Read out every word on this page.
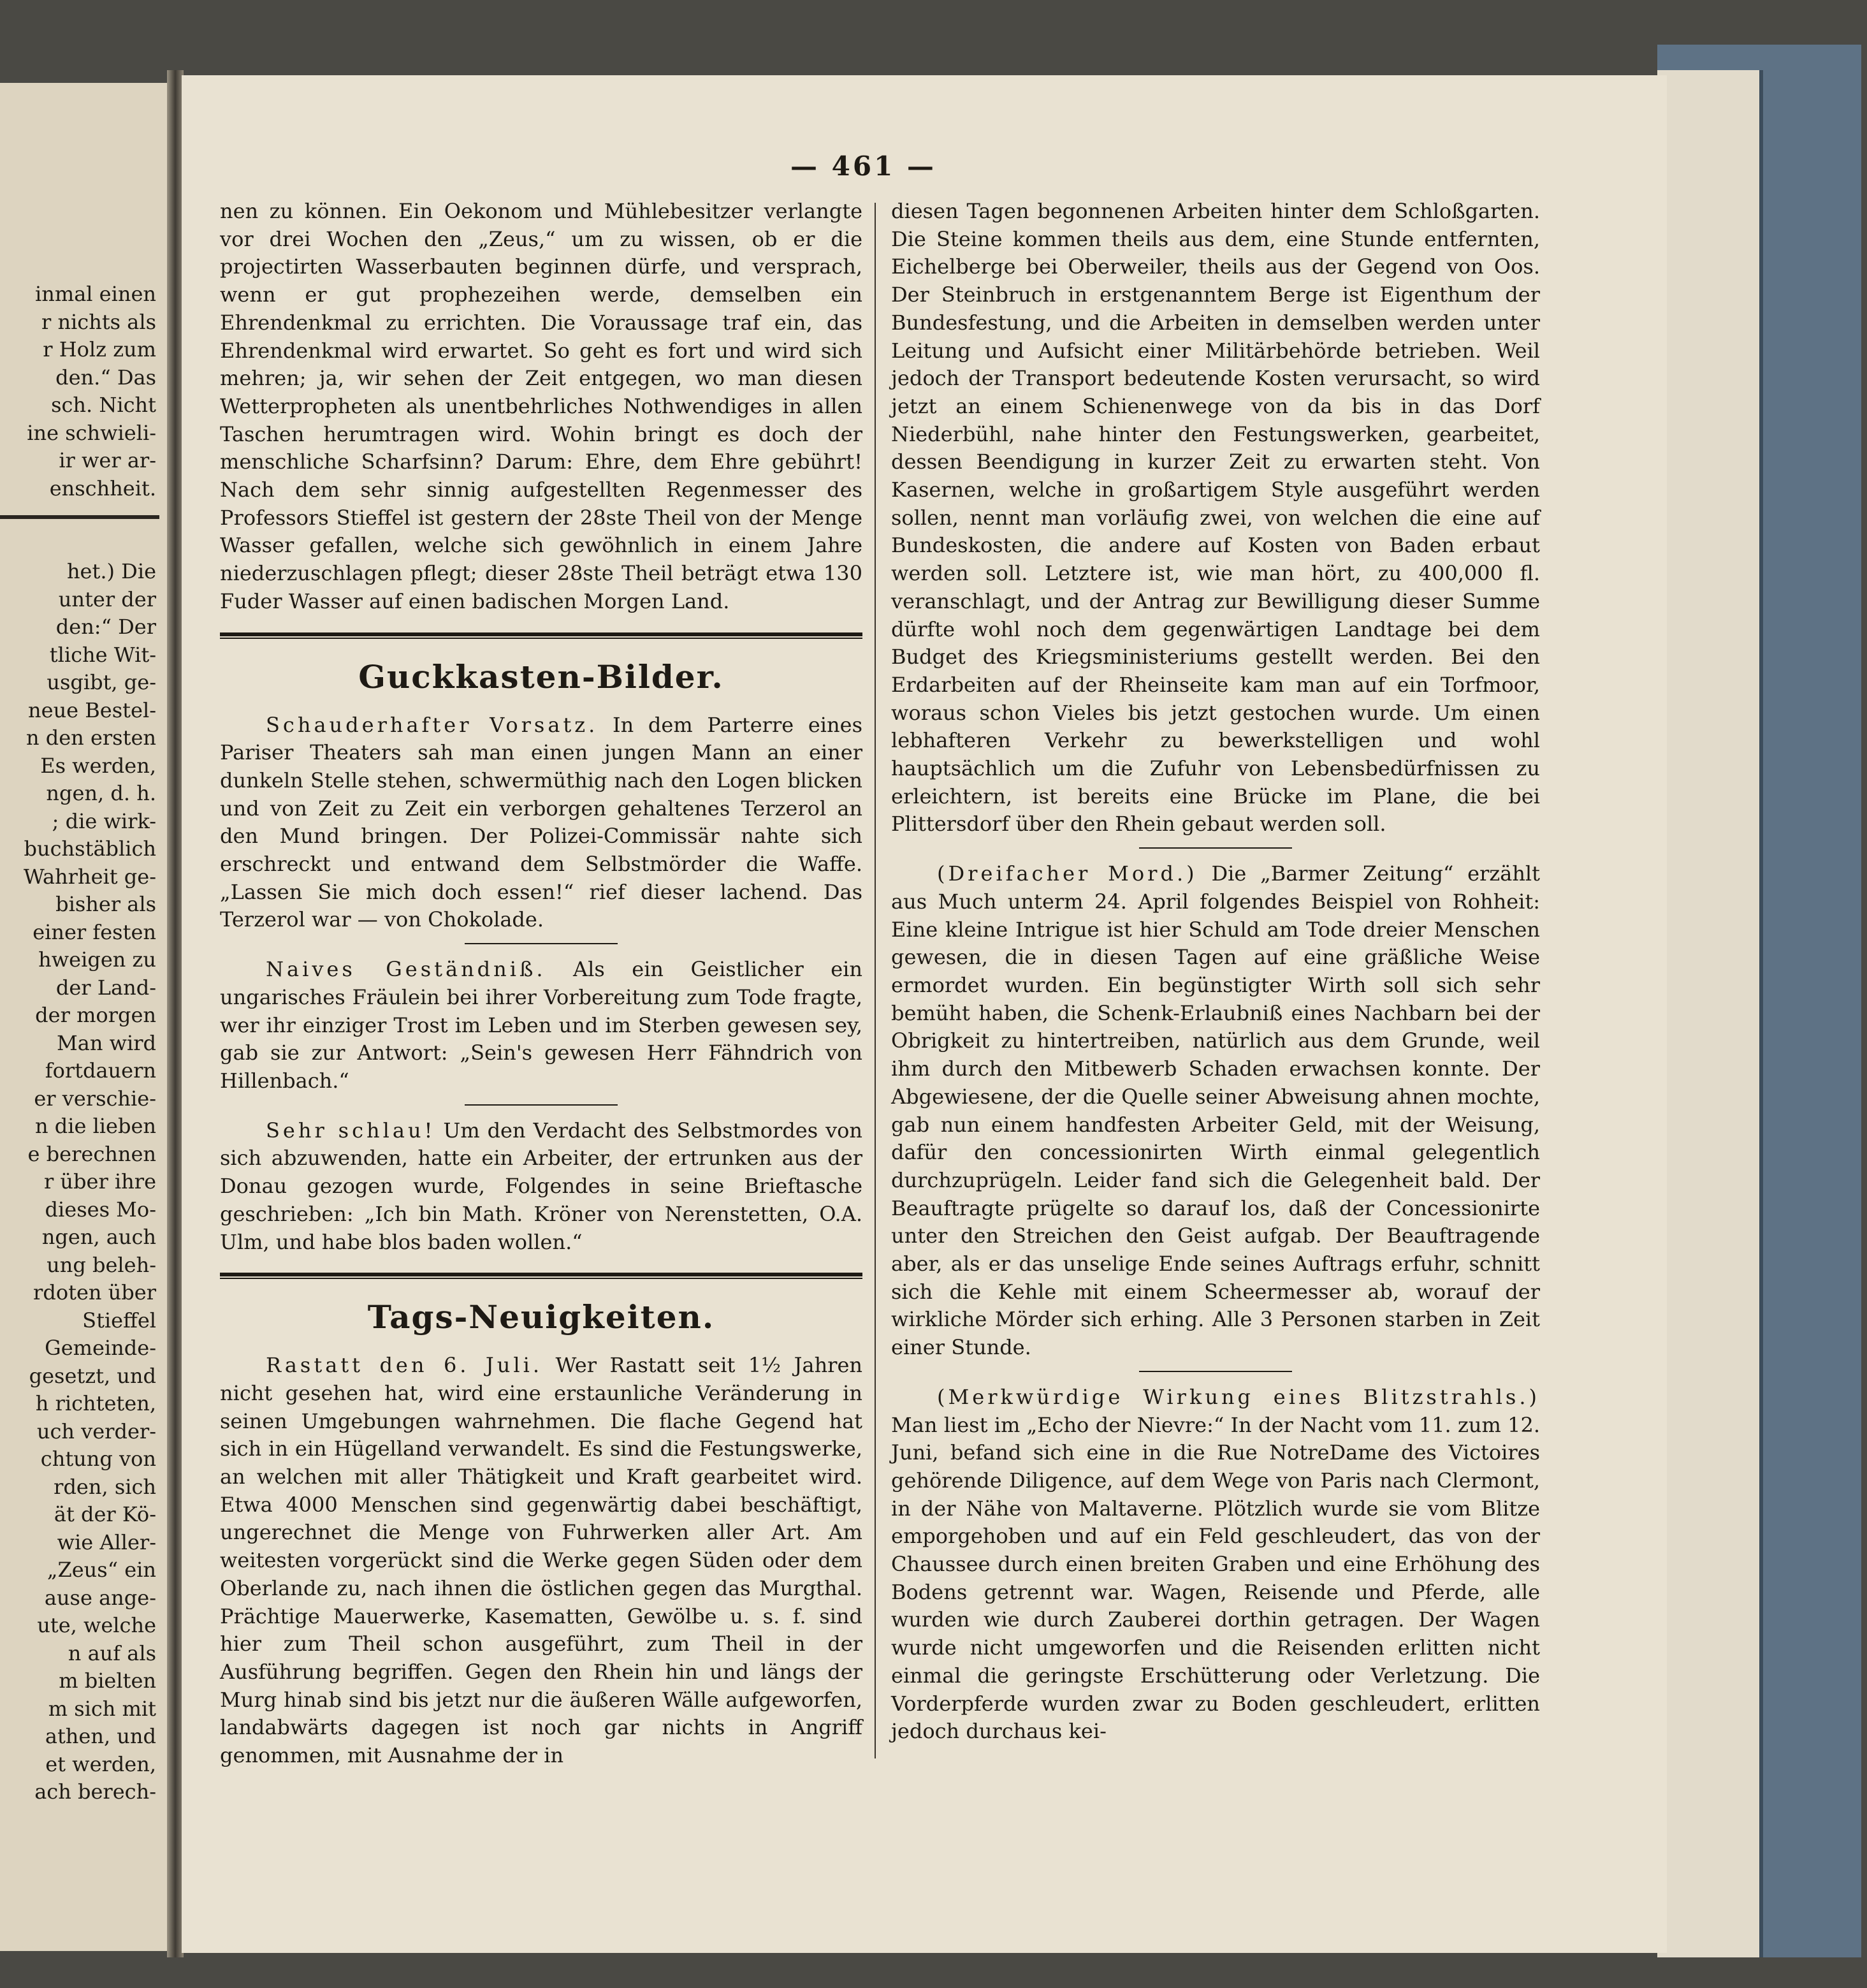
inmal einen
r nichts als
r Holz zum
den.“ Das
sch. Nicht
ine schwieli-
ir wer ar-
enschheit.

het.) Die
unter der
den:“ Der
tliche Wit-
usgibt, ge-
neue Bestel-
n den ersten
Es werden,
ngen, d. h.
; die wirk-
buchstäblich
Wahrheit ge-
bisher als
einer festen
hweigen zu
der Land-
der morgen
Man wird
fortdauern
er verschie-
n die lieben
e berechnen
r über ihre
dieses Mo-
ngen, auch
ung beleh-
rdoten über
Stieffel
Gemeinde-
gesetzt, und
h richteten,
uch verder-
chtung von
rden, sich
ät der Kö-
wie Aller-
„Zeus“ ein
ause ange-
ute, welche
n auf als
m bielten
m sich mit
athen, und
et werden,
ach berech-
— 461 —

nen zu können. Ein Oekonom und Mühlebesitzer verlangte vor drei Wochen den „Zeus,“ um zu wissen, ob er die projectirten Wasserbauten beginnen dürfe, und versprach, wenn er gut prophezeihen werde, demselben ein Ehrendenkmal zu errichten. Die Voraussage traf ein, das Ehrendenkmal wird erwartet. So geht es fort und wird sich mehren; ja, wir sehen der Zeit entgegen, wo man diesen Wetterpropheten als unentbehrliches Nothwendiges in allen Taschen herumtragen wird. Wohin bringt es doch der menschliche Scharfsinn? Darum: Ehre, dem Ehre gebührt! Nach dem sehr sinnig aufgestellten Regenmesser des Professors Stieffel ist gestern der 28ste Theil von der Menge Wasser gefallen, welche sich gewöhnlich in einem Jahre niederzuschlagen pflegt; dieser 28ste Theil beträgt etwa 130 Fuder Wasser auf einen badischen Morgen Land.

Guckkasten-Bilder.

Schauderhafter Vorsatz. In dem Parterre eines Pariser Theaters sah man einen jungen Mann an einer dunkeln Stelle stehen, schwermüthig nach den Logen blicken und von Zeit zu Zeit ein verborgen gehaltenes Terzerol an den Mund bringen. Der Polizei-Commissär nahte sich erschreckt und entwand dem Selbstmörder die Waffe. „Lassen Sie mich doch essen!“ rief dieser lachend. Das Terzerol war — von Chokolade.

Naives Geständniß. Als ein Geistlicher ein ungarisches Fräulein bei ihrer Vorbereitung zum Tode fragte, wer ihr einziger Trost im Leben und im Sterben gewesen sey, gab sie zur Antwort: „Sein's gewesen Herr Fähndrich von Hillenbach.“

Sehr schlau! Um den Verdacht des Selbstmordes von sich abzuwenden, hatte ein Arbeiter, der ertrunken aus der Donau gezogen wurde, Folgendes in seine Brieftasche geschrieben: „Ich bin Math. Kröner von Nerenstetten, O.A. Ulm, und habe blos baden wollen.“

Tags-Neuigkeiten.

Rastatt den 6. Juli. Wer Rastatt seit 1½ Jahren nicht gesehen hat, wird eine erstaunliche Veränderung in seinen Umgebungen wahrnehmen. Die flache Gegend hat sich in ein Hügelland verwandelt. Es sind die Festungswerke, an welchen mit aller Thätigkeit und Kraft gearbeitet wird. Etwa 4000 Menschen sind gegenwärtig dabei beschäftigt, ungerechnet die Menge von Fuhrwerken aller Art. Am weitesten vorgerückt sind die Werke gegen Süden oder dem Oberlande zu, nach ihnen die östlichen gegen das Murgthal. Prächtige Mauerwerke, Kasematten, Gewölbe u. s. f. sind hier zum Theil schon ausgeführt, zum Theil in der Ausführung begriffen. Gegen den Rhein hin und längs der Murg hinab sind bis jetzt nur die äußeren Wälle aufgeworfen, landabwärts dagegen ist noch gar nichts in Angriff genommen, mit Ausnahme der in

diesen Tagen begonnenen Arbeiten hinter dem Schloßgarten. Die Steine kommen theils aus dem, eine Stunde entfernten, Eichelberge bei Oberweiler, theils aus der Gegend von Oos. Der Steinbruch in erstgenanntem Berge ist Eigenthum der Bundesfestung, und die Arbeiten in demselben werden unter Leitung und Aufsicht einer Militärbehörde betrieben. Weil jedoch der Transport bedeutende Kosten verursacht, so wird jetzt an einem Schienenwege von da bis in das Dorf Niederbühl, nahe hinter den Festungswerken, gearbeitet, dessen Beendigung in kurzer Zeit zu erwarten steht. Von Kasernen, welche in großartigem Style ausgeführt werden sollen, nennt man vorläufig zwei, von welchen die eine auf Bundeskosten, die andere auf Kosten von Baden erbaut werden soll. Letztere ist, wie man hört, zu 400,000 fl. veranschlagt, und der Antrag zur Bewilligung dieser Summe dürfte wohl noch dem gegenwärtigen Landtage bei dem Budget des Kriegsministeriums gestellt werden. Bei den Erdarbeiten auf der Rheinseite kam man auf ein Torfmoor, woraus schon Vieles bis jetzt gestochen wurde. Um einen lebhafteren Verkehr zu bewerkstelligen und wohl hauptsächlich um die Zufuhr von Lebensbedürfnissen zu erleichtern, ist bereits eine Brücke im Plane, die bei Plittersdorf über den Rhein gebaut werden soll.

(Dreifacher Mord.) Die „Barmer Zeitung“ erzählt aus Much unterm 24. April folgendes Beispiel von Rohheit: Eine kleine Intrigue ist hier Schuld am Tode dreier Menschen gewesen, die in diesen Tagen auf eine gräßliche Weise ermordet wurden. Ein begünstigter Wirth soll sich sehr bemüht haben, die Schenk-Erlaubniß eines Nachbarn bei der Obrigkeit zu hintertreiben, natürlich aus dem Grunde, weil ihm durch den Mitbewerb Schaden erwachsen konnte. Der Abgewiesene, der die Quelle seiner Abweisung ahnen mochte, gab nun einem handfesten Arbeiter Geld, mit der Weisung, dafür den concessionirten Wirth einmal gelegentlich durchzuprügeln. Leider fand sich die Gelegenheit bald. Der Beauftragte prügelte so darauf los, daß der Concessionirte unter den Streichen den Geist aufgab. Der Beauftragende aber, als er das unselige Ende seines Auftrags erfuhr, schnitt sich die Kehle mit einem Scheermesser ab, worauf der wirkliche Mörder sich erhing. Alle 3 Personen starben in Zeit einer Stunde.

(Merkwürdige Wirkung eines Blitzstrahls.) Man liest im „Echo der Nievre:“ In der Nacht vom 11. zum 12. Juni, befand sich eine in die Rue NotreDame des Victoires gehörende Diligence, auf dem Wege von Paris nach Clermont, in der Nähe von Maltaverne. Plötzlich wurde sie vom Blitze emporgehoben und auf ein Feld geschleudert, das von der Chaussee durch einen breiten Graben und eine Erhöhung des Bodens getrennt war. Wagen, Reisende und Pferde, alle wurden wie durch Zauberei dorthin getragen. Der Wagen wurde nicht umgeworfen und die Reisenden erlitten nicht einmal die geringste Erschütterung oder Verletzung. Die Vorderpferde wurden zwar zu Boden geschleudert, erlitten jedoch durchaus kei-
